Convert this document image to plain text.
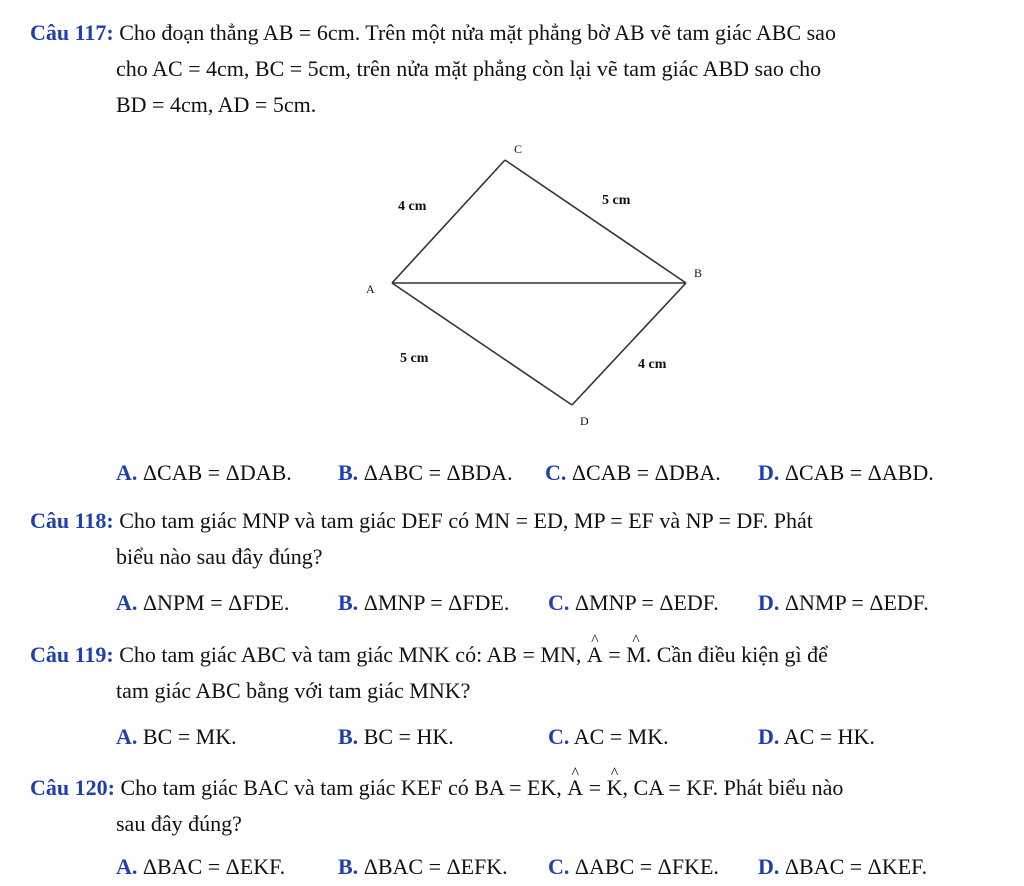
Câu 117: Cho đoạn thẳng AB = 6cm. Trên một nửa mặt phẳng bờ AB vẽ tam giác ABC sao
cho AC = 4cm, BC = 5cm, trên nửa mặt phẳng còn lại vẽ tam giác ABD sao cho
BD = 4cm, AD = 5cm.
C
A
B
D
4 cm	5 cm
5 cm	4 cm
A. ΔCAB = ΔDAB. B. ΔABC = ΔBDA. C. ΔCAB = ΔDBA. D. ΔCAB = ΔABD.
Câu 118: Cho tam giác MNP và tam giác DEF có MN = ED, MP = EF và NP = DF. Phát
biểu nào sau đây đúng?
A. ΔNPM = ΔFDE. B. ΔMNP = ΔFDE. C. ΔMNP = ΔEDF. D. ΔNMP = ΔEDF.
Câu 119: Cho tam giác ABC và tam giác MNK có: AB = MN, ^ A = ^ M. Cần điều kiện gì để
tam giác ABC bằng với tam giác MNK?
A. BC = MK.	B. BC = HK.	C. AC = MK.	D. AC = HK.
Câu 120: Cho tam giác BAC và tam giác KEF có BA = EK, ^ A = ^ K, CA = KF. Phát biểu nào
sau đây đúng?
A. ΔBAC = ΔEKF. B. ΔBAC = ΔEFK. C. ΔABC = ΔFKE. D. ΔBAC = ΔKEF.
